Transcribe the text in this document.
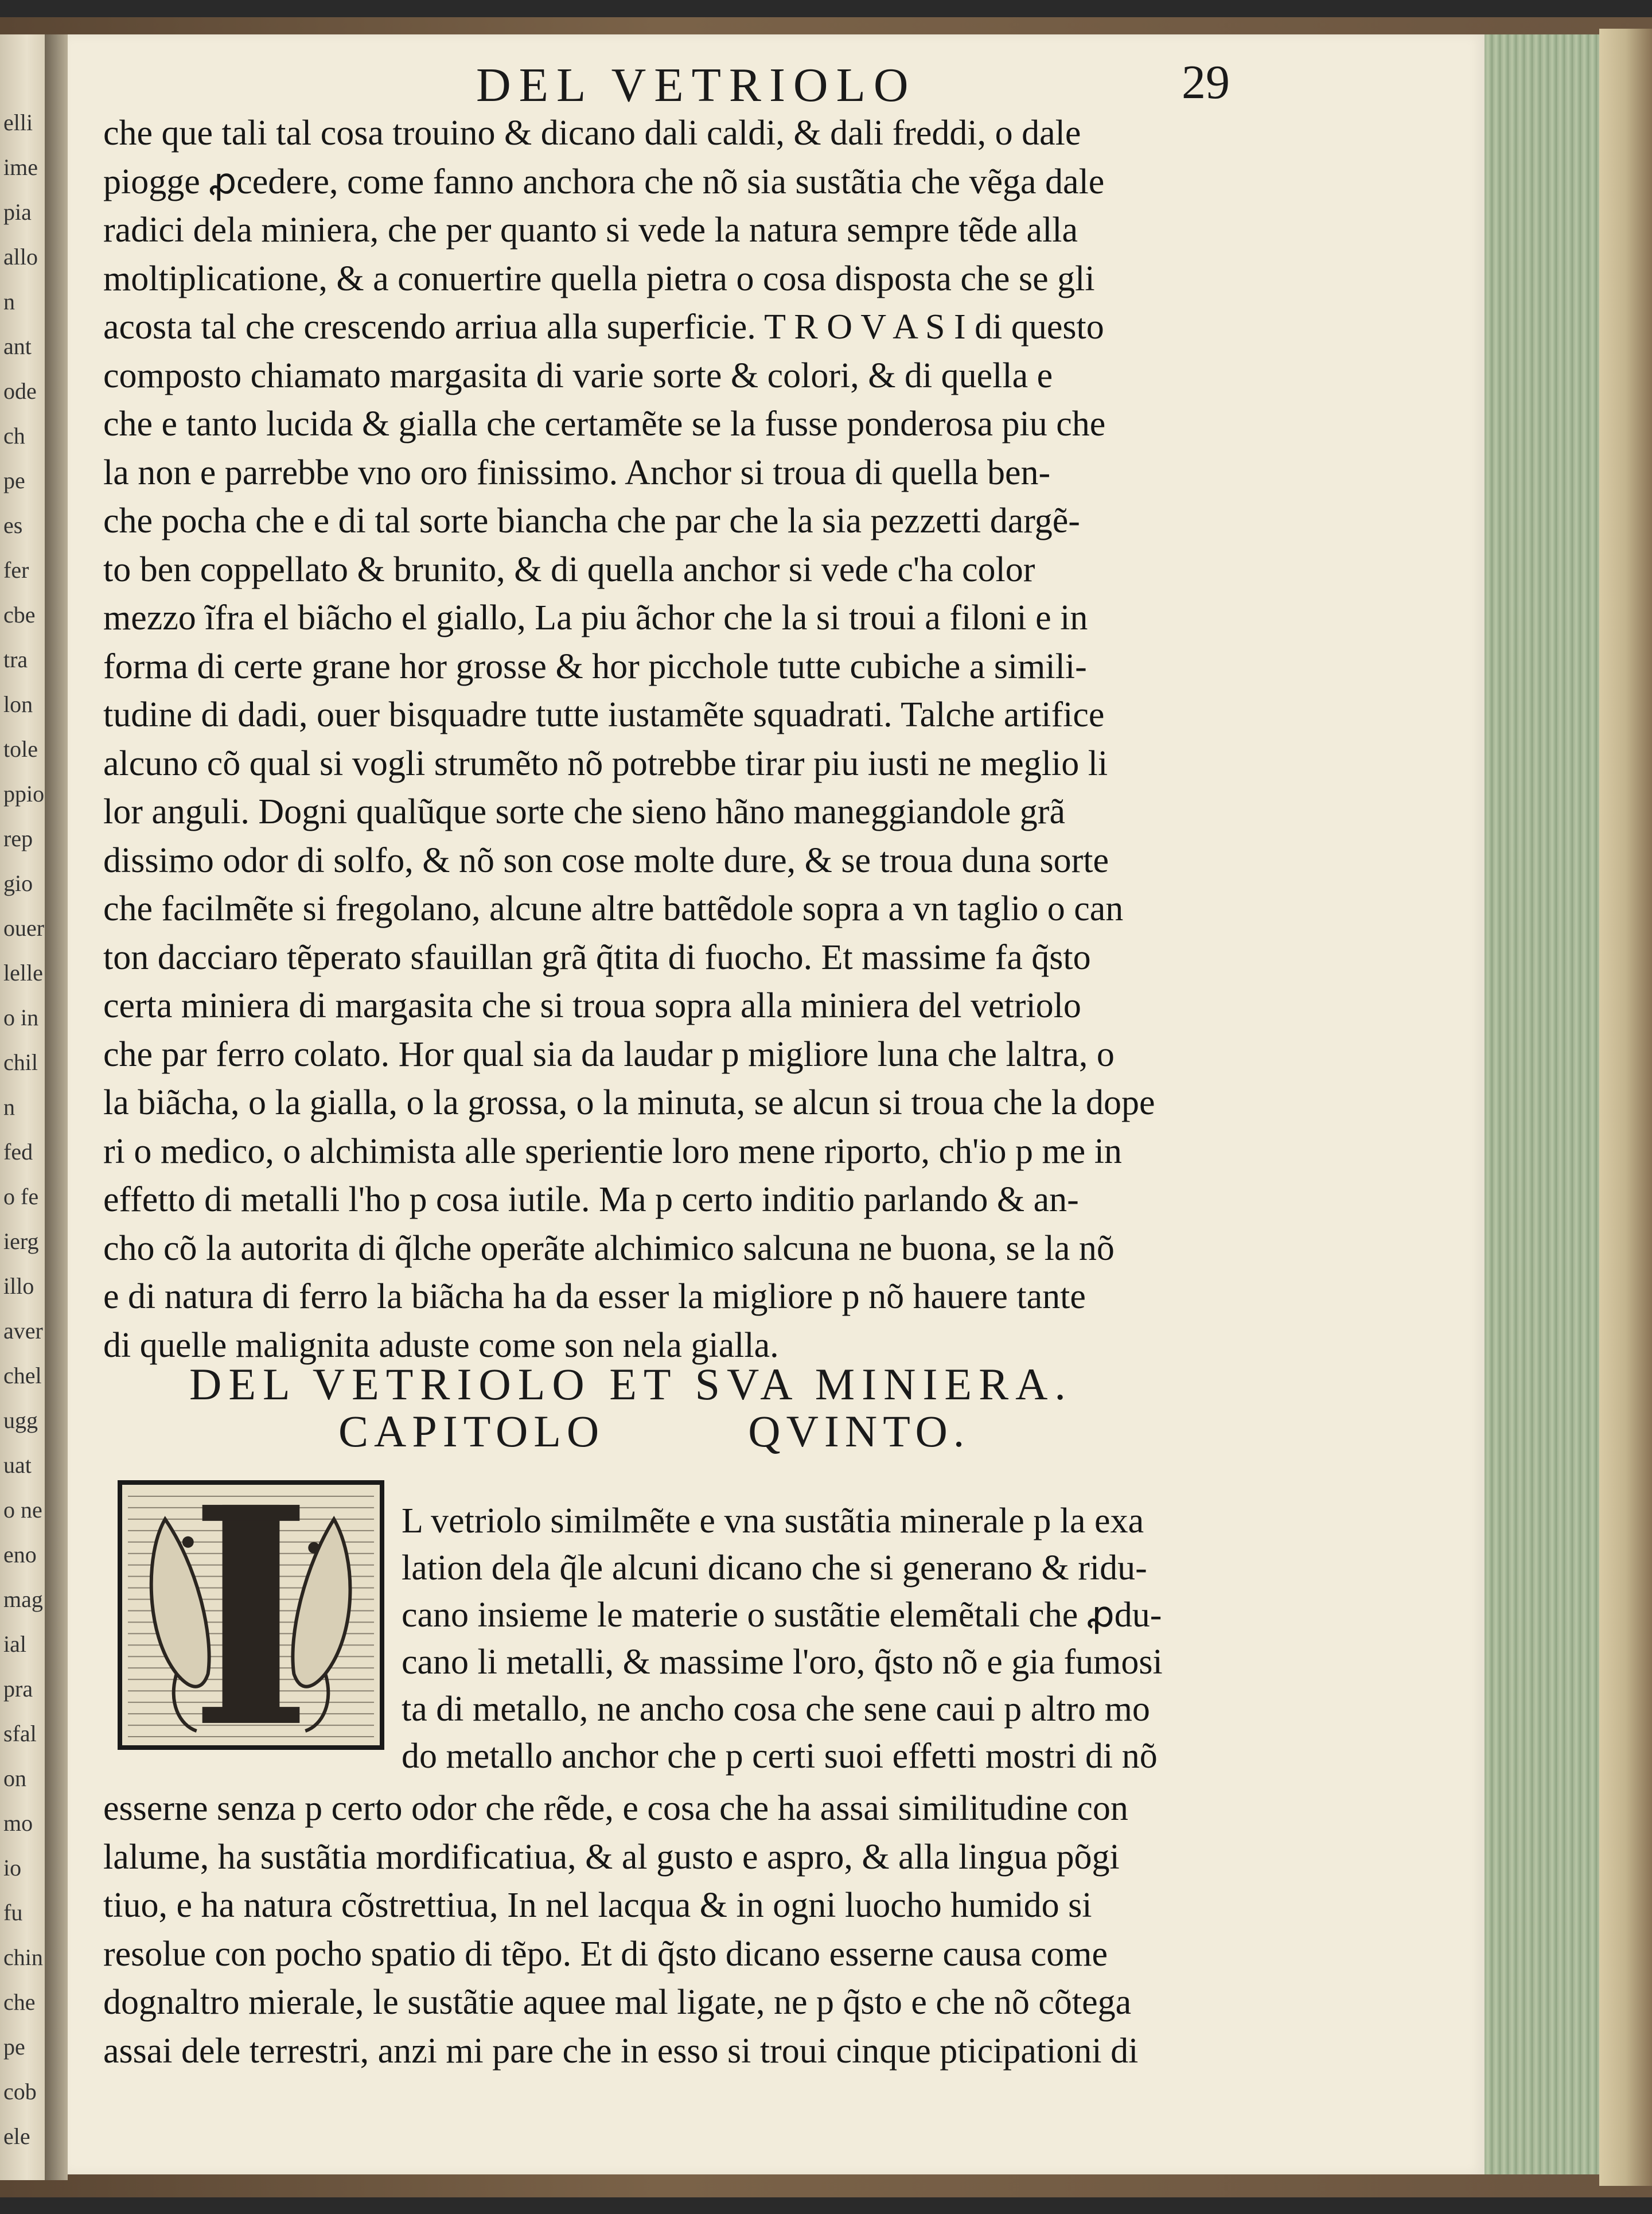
elli
ime
pia
allo
n
ant
ode
ch
pe
es
fer
cbe
tra
lon
tole
ppio
rep
gio
ouer
lelle
o in
chil
n
fed
o fe
ierg
illo
aver
chel
ugg
uat
o ne
eno
mag
ial
pra
sfal
on
mo
io
fu
chin
che
pe
cob
ele
DEL VETRIOLO	29
che que tali tal cosa trouino & dicano dali caldi, & dali freddi, o dale
piogge ꝓcedere, come fanno anchora che nõ sia sustãtia che vẽga dale
radici dela miniera, che per quanto si vede la natura sempre tẽde alla
moltiplicatione, & a conuertire quella pietra o cosa disposta che se gli
acosta tal che crescendo arriua alla superficie. T R O V A S I di questo
composto chiamato margasita di varie sorte & colori, & di quella e
che e tanto lucida & gialla che certamẽte se la fusse ponderosa piu che
la non e parrebbe vno oro finissimo. Anchor si troua di quella ben-
che pocha che e di tal sorte biancha che par che la sia pezzetti dargẽ-
to ben coppellato & brunito, & di quella anchor si vede c'ha color
mezzo ĩfra el biãcho el giallo, La piu ãchor che la si troui a filoni e in
forma di certe grane hor grosse & hor picchole tutte cubiche a simili-
tudine di dadi, ouer bisquadre tutte iustamẽte squadrati. Talche artifice
alcuno cõ qual si vogli strumẽto nõ potrebbe tirar piu iusti ne meglio li
lor anguli. Dogni qualũque sorte che sieno hãno maneggiandole grã
dissimo odor di solfo, & nõ son cose molte dure, & se troua duna sorte
che facilmẽte si fregolano, alcune altre battẽdole sopra a vn taglio o can
ton dacciaro tẽperato sfauillan grã q̃tita di fuocho. Et massime fa q̃sto
certa miniera di margasita che si troua sopra alla miniera del vetriolo
che par ferro colato. Hor qual sia da laudar p migliore luna che laltra, o
la biãcha, o la gialla, o la grossa, o la minuta, se alcun si troua che la dope
ri o medico, o alchimista alle sperientie loro mene riporto, ch'io p me in
effetto di metalli l'ho p cosa iutile. Ma p certo inditio parlando & an-
cho cõ la autorita di q̃lche operãte alchimico salcuna ne buona, se la nõ
e di natura di ferro la biãcha ha da esser la migliore p nõ hauere tante
di quelle malignita aduste come son nela gialla.
DEL VETRIOLO ET SVA MINIERA.
CAPITOLO	QVINTO.
L vetriolo similmẽte e vna sustãtia minerale p la exa
lation dela q̃le alcuni dicano che si generano & ridu-
cano insieme le materie o sustãtie elemẽtali che ꝓdu-
cano li metalli, & massime l'oro, q̃sto nõ e gia fumosi
ta di metallo, ne ancho cosa che sene caui p altro mo
do metallo anchor che p certi suoi effetti mostri di nõ
esserne senza p certo odor che rẽde, e cosa che ha assai similitudine con
lalume, ha sustãtia mordificatiua, & al gusto e aspro, & alla lingua põgi
tiuo, e ha natura cõstrettiua, In nel lacqua & in ogni luocho humido si
resolue con pocho spatio di tẽpo. Et di q̃sto dicano esserne causa come
dognaltro mierale, le sustãtie aquee mal ligate, ne p q̃sto e che nõ cõtega
assai dele terrestri, anzi mi pare che in esso si troui cinque pticipationi di
